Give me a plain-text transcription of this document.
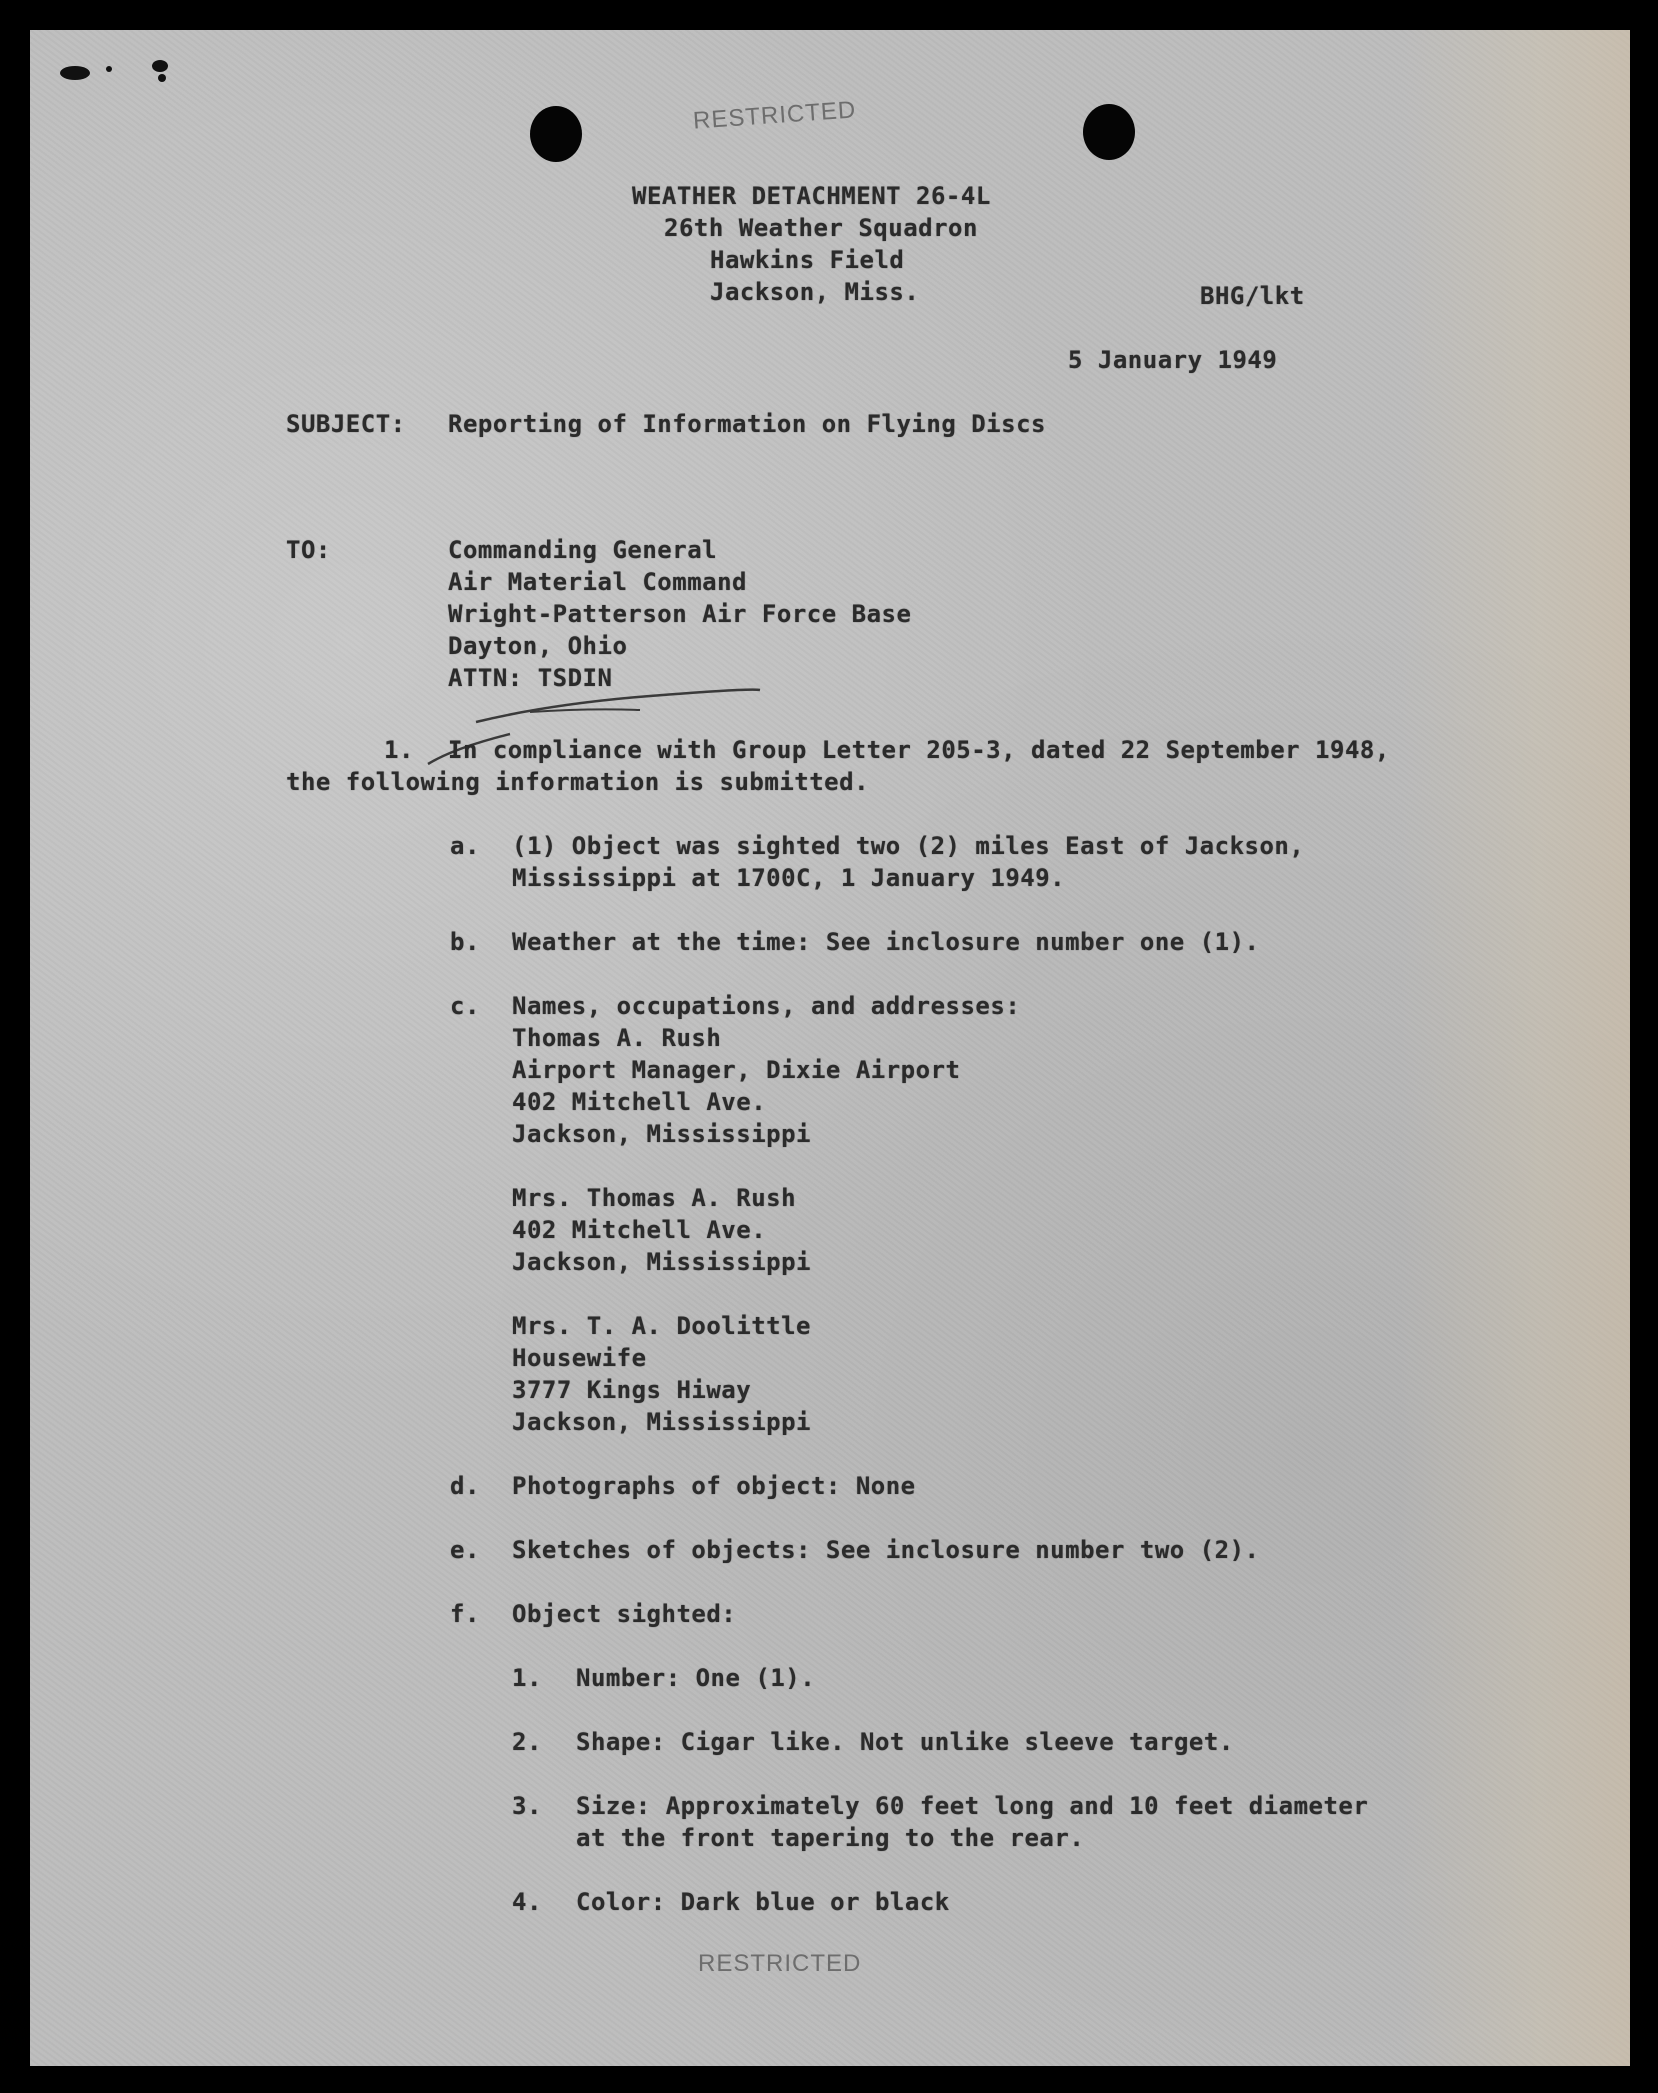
RESTRICTED
RESTRICTED
WEATHER DETACHMENT 26-4L
26th Weather Squadron
Hawkins Field
Jackson, Miss.	BHG/lkt
5 January 1949
SUBJECT: Reporting of Information on Flying Discs
TO:	Commanding General
Air Material Command
Wright-Patterson Air Force Base
Dayton, Ohio
ATTN: TSDIN
1. In compliance with Group Letter 205-3, dated 22 September 1948,
the following information is submitted.
a. (1) Object was sighted two (2) miles East of Jackson,
Mississippi at 1700C, 1 January 1949.
b. Weather at the time: See inclosure number one (1).
c. Names, occupations, and addresses:
Thomas A. Rush
Airport Manager, Dixie Airport
402 Mitchell Ave.
Jackson, Mississippi
Mrs. Thomas A. Rush
402 Mitchell Ave.
Jackson, Mississippi
Mrs. T. A. Doolittle
Housewife
3777 Kings Hiway
Jackson, Mississippi
d. Photographs of object: None
e. Sketches of objects: See inclosure number two (2).
f. Object sighted:
1. Number: One (1).
2. Shape: Cigar like. Not unlike sleeve target.
3. Size: Approximately 60 feet long and 10 feet diameter
at the front tapering to the rear.
4. Color: Dark blue or black
